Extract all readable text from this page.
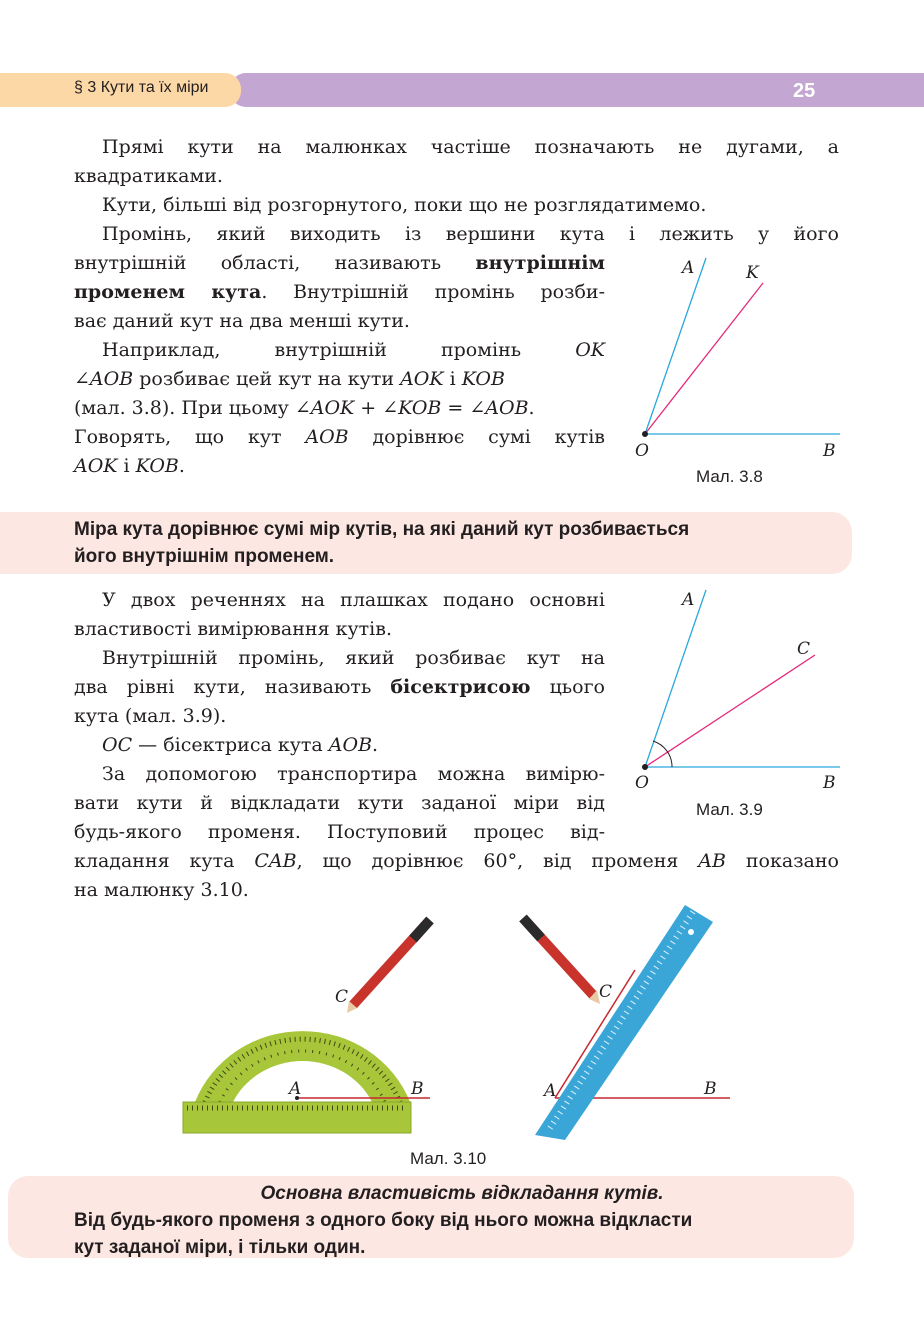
§ 3 Кути та їх міри	25
Прямі кути на малюнках частіше позначають не дугами, а
квадратиками.
Кути, більші від розгорнутого, поки що не розглядатимемо.
Промінь, який виходить із вершини кута і лежить у його
внутрішній області, називають внутрішнім
променем кута. Внутрішній промінь розби-
ває даний кут на два менші кути.
Наприклад, внутрішній промінь	OK
∠AOB розбиває цей кут на кути AOK і KOB
(мал. 3.8). При цьому ∠AOK + ∠KOB = ∠AOB.
Говорять, що кут AOB дорівнює сумі кутів
AOK і KOB.
A	K
O	B
Мал. 3.8
Міра кута дорівнює сумі мір кутів, на які даний кут розбивається
його внутрішнім променем.
У двох реченнях на плашках подано основні
властивості вимірювання кутів.
Внутрішній промінь, який розбиває кут на
два рівні кути, називають бісектрисою цього
кута (мал. 3.9).
OC — бісектриса кута AOB.
За допомогою транспортира можна вимірю-
вати кути й відкладати кути заданої міри від
будь-якого променя. Поступовий процес від-
кладання кута CAB, що дорівнює 60°, від променя AB показано
на малюнку 3.10.
A
C
O	B
Мал. 3.9
C
A	B
C
A	B
Мал. 3.10
Основна властивість відкладання кутів.
Від будь-якого променя з одного боку від нього можна відкласти
кут заданої міри, і тільки один.
